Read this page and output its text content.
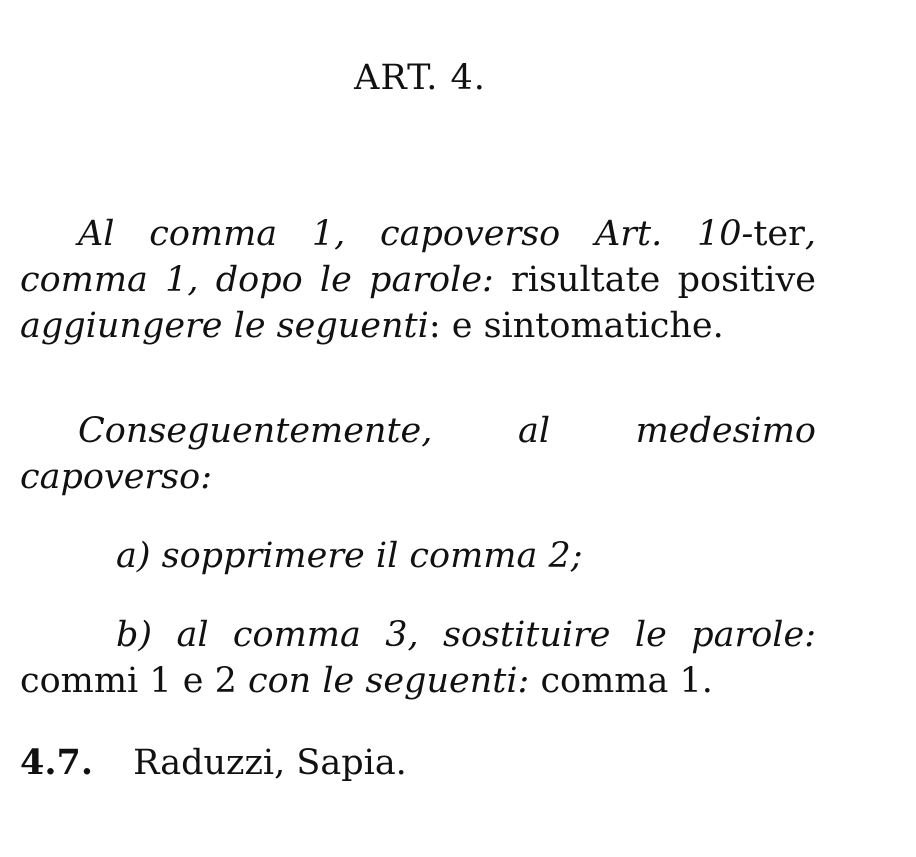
ART. 4.
Al comma 1, capoverso Art. 10-ter, comma 1, dopo le parole: risultate positive aggiungere le seguenti: e sintomatiche.
Conseguentemente, al medesimo capoverso:
a) sopprimere il comma 2;
b) al comma 3, sostituire le parole: commi 1 e 2 con le seguenti: comma 1.
4.7. Raduzzi, Sapia.
